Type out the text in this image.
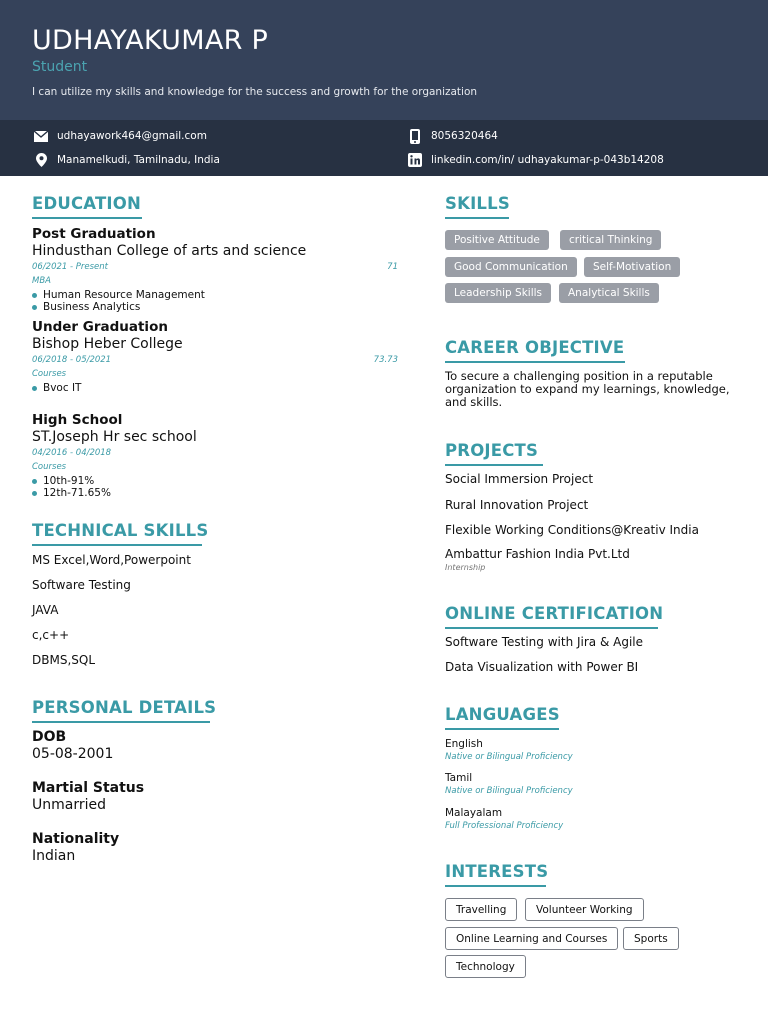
UDHAYAKUMAR P
Student
I can utilize my skills and knowledge for the success and growth for the organization
udhayawork464@gmail.com	8056320464
Manamelkudi, Tamilnadu, India	linkedin.com/in/ udhayakumar-p-043b14208
EDUCATION
Post Graduation
Hindusthan College of arts and science
06/2021 - Present	71
MBA
Human Resource Management
Business Analytics
Under Graduation
Bishop Heber College
06/2018 - 05/2021	73.73
Courses
Bvoc IT
High School
ST.Joseph Hr sec school
04/2016 - 04/2018
Courses
10th-91%
12th-71.65%
TECHNICAL SKILLS
MS Excel,Word,Powerpoint
Software Testing
JAVA
c,c++
DBMS,SQL
PERSONAL DETAILS
DOB
05-08-2001
Martial Status
Unmarried
Nationality
Indian
SKILLS
Positive Attitude	critical Thinking
Good Communication	Self-Motivation
Leadership Skills	Analytical Skills
CAREER OBJECTIVE
To secure a challenging position in a reputable organization to expand my learnings, knowledge, and skills.
PROJECTS
Social Immersion Project
Rural Innovation Project
Flexible Working Conditions@Kreativ India
Ambattur Fashion India Pvt.Ltd
Internship
ONLINE CERTIFICATION
Software Testing with Jira & Agile
Data Visualization with Power BI
LANGUAGES
English
Native or Bilingual Proficiency
Tamil
Native or Bilingual Proficiency
Malayalam
Full Professional Proficiency
INTERESTS
Travelling	Volunteer Working
Online Learning and Courses	Sports
Technology
